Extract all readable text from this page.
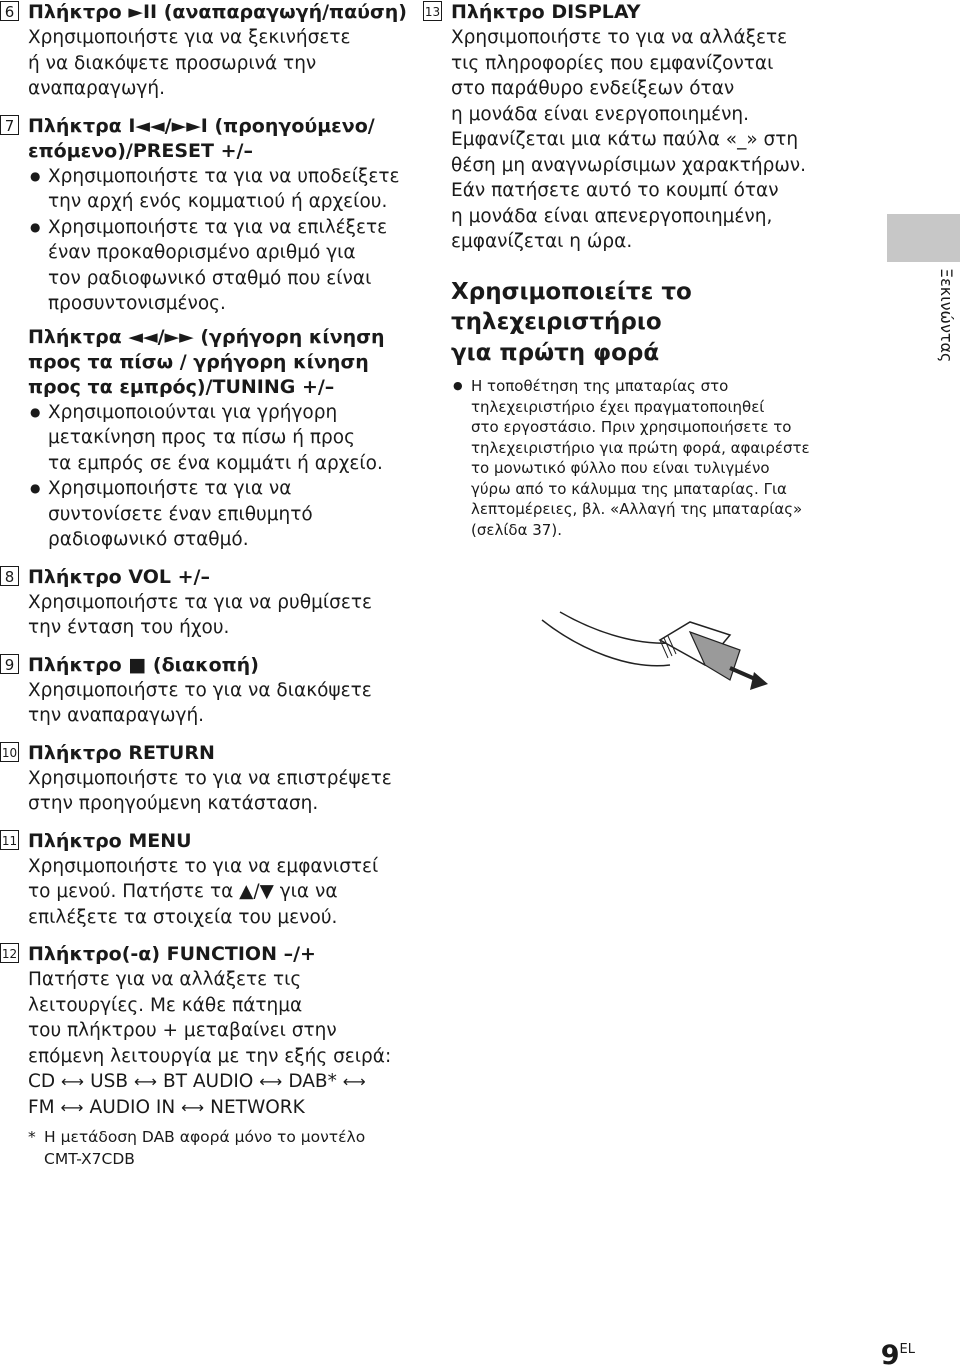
6 Πλήκτρο ►II (αναπαραγωγή/παύση)
Χρησιμοποιήστε για να ξεκινήσετε
ή να διακόψετε προσωρινά την
αναπαραγωγή.
7 Πλήκτρα I◄◄/►►I (προηγούμενο/
επόμενο)/PRESET +/–
● Χρησιμοποιήστε τα για να υποδείξετε
την αρχή ενός κομματιού ή αρχείου.
● Χρησιμοποιήστε τα για να επιλέξετε
έναν προκαθορισμένο αριθμό για
τον ραδιοφωνικό σταθμό που είναι
προσυντονισμένος.
Πλήκτρα ◄◄/►► (γρήγορη κίνηση
προς τα πίσω / γρήγορη κίνηση
προς τα εμπρός)/TUNING +/–
● Χρησιμοποιούνται για γρήγορη
μετακίνηση προς τα πίσω ή προς
τα εμπρός σε ένα κομμάτι ή αρχείο.
● Χρησιμοποιήστε τα για να
συντονίσετε έναν επιθυμητό
ραδιοφωνικό σταθμό.
8 Πλήκτρο VOL +/–
Χρησιμοποιήστε τα για να ρυθμίσετε
την ένταση του ήχου.
9 Πλήκτρο ■ (διακοπή)
Χρησιμοποιήστε το για να διακόψετε
την αναπαραγωγή.
10 Πλήκτρο RETURN
Χρησιμοποιήστε το για να επιστρέψετε
στην προηγούμενη κατάσταση.
11 Πλήκτρο MENU
Χρησιμοποιήστε το για να εμφανιστεί
το μενού. Πατήστε τα ▲/▼ για να
επιλέξετε τα στοιχεία του μενού.
12 Πλήκτρο(-α) FUNCTION –/+
Πατήστε για να αλλάξετε τις
λειτουργίες. Με κάθε πάτημα
του πλήκτρου + μεταβαίνει στην
επόμενη λειτουργία με την εξής σειρά:
CD ⟷ USB ⟷ BT AUDIO ⟷ DAB* ⟷
FM ⟷ AUDIO IN ⟷ NETWORK
* Η μετάδοση DAB αφορά μόνο το μοντέλο
CMT-X7CDB
13 Πλήκτρο DISPLAY
Χρησιμοποιήστε το για να αλλάξετε
τις πληροφορίες που εμφανίζονται
στο παράθυρο ενδείξεων όταν
η μονάδα είναι ενεργοποιημένη.
Εμφανίζεται μια κάτω παύλα «_» στη
θέση μη αναγνωρίσιμων χαρακτήρων.
Εάν πατήσετε αυτό το κουμπί όταν
η μονάδα είναι απενεργοποιημένη,
εμφανίζεται η ώρα.
Χρησιμοποιείτε το
τηλεχειριστήριο
για πρώτη φορά
● Η τοποθέτηση της μπαταρίας στο
τηλεχειριστήριο έχει πραγματοποιηθεί
στο εργοστάσιο. Πριν χρησιμοποιήσετε το
τηλεχειριστήριο για πρώτη φορά, αφαιρέστε
το μονωτικό φύλλο που είναι τυλιγμένο
γύρω από το κάλυμμα της μπαταρίας. Για
λεπτομέρειες, βλ. «Αλλαγή της μπαταρίας»
(σελίδα 37).
Ξεκινώντας
$9^{EL}$
